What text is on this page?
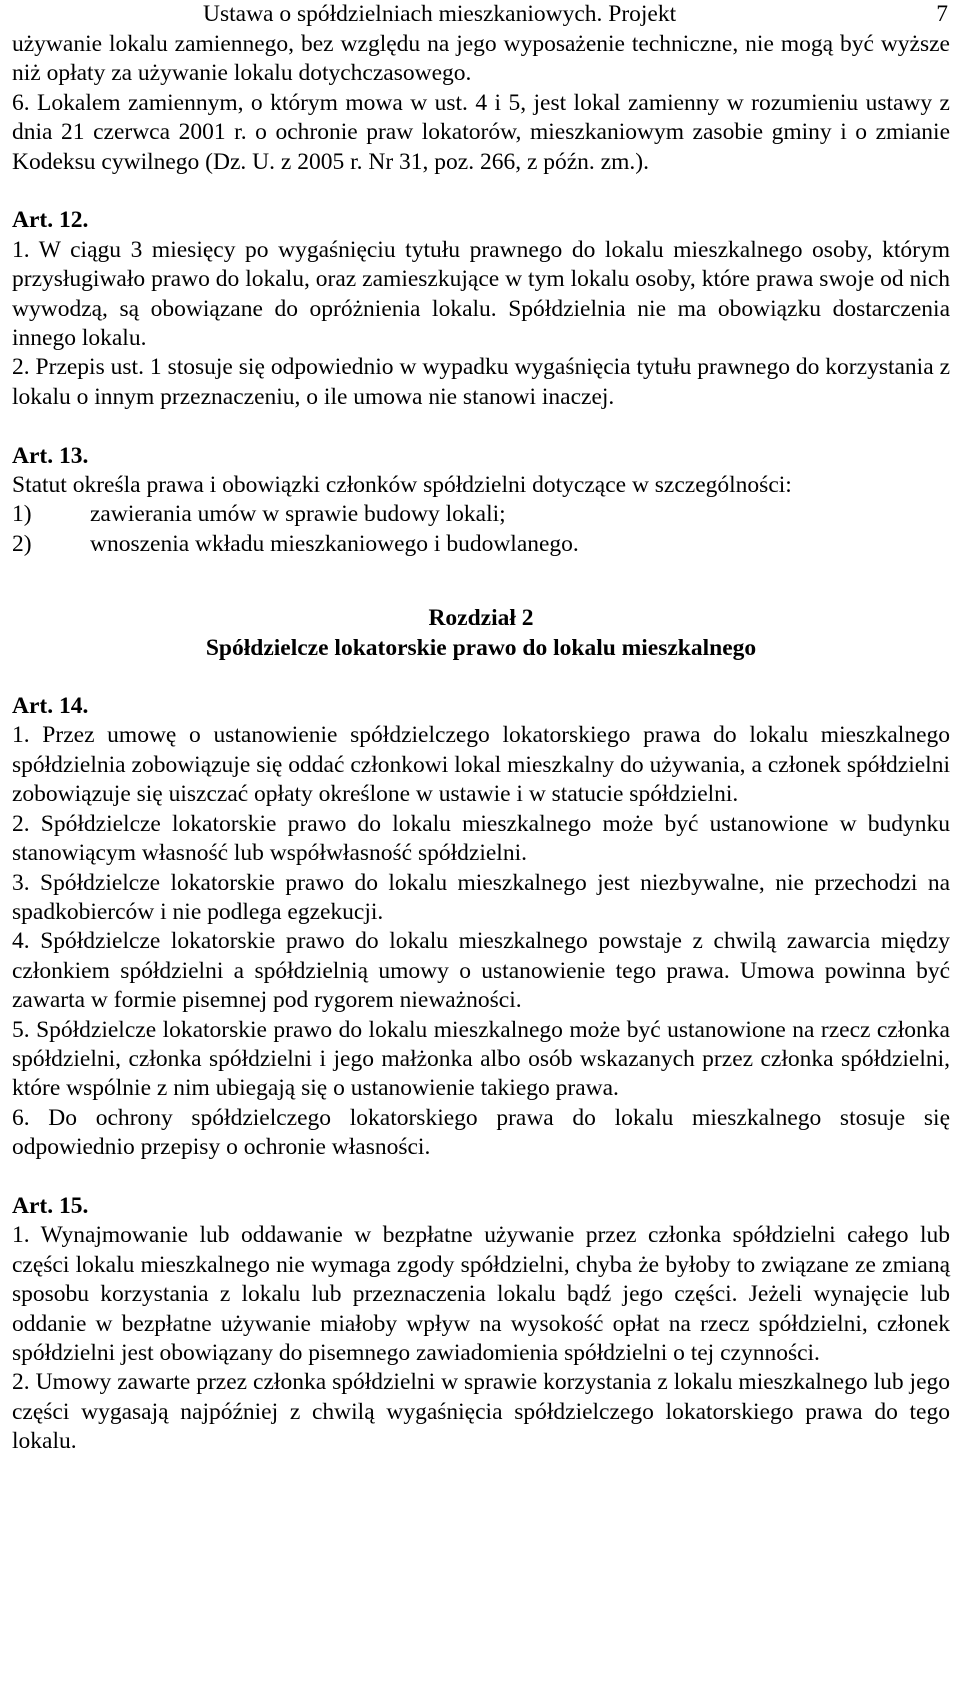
Ustawa o spółdzielniach mieszkaniowych. Projekt	7

używanie lokalu zamiennego, bez względu na jego wyposażenie techniczne, nie mogą być wyższe niż opłaty za używanie lokalu dotychczasowego.

6. Lokalem zamiennym, o którym mowa w ust. 4 i 5, jest lokal zamienny w rozumieniu ustawy z dnia 21 czerwca 2001 r. o ochronie praw lokatorów, mieszkaniowym zasobie gminy i o zmianie Kodeksu cywilnego (Dz. U. z 2005 r. Nr 31, poz. 266, z późn. zm.).

Art. 12.

1. W ciągu 3 miesięcy po wygaśnięciu tytułu prawnego do lokalu mieszkalnego osoby, którym przysługiwało prawo do lokalu, oraz zamieszkujące w tym lokalu osoby, które prawa swoje od nich wywodzą, są obowiązane do opróżnienia lokalu. Spółdzielnia nie ma obowiązku dostarczenia innego lokalu.

2. Przepis ust. 1 stosuje się odpowiednio w wypadku wygaśnięcia tytułu prawnego do korzystania z lokalu o innym przeznaczeniu, o ile umowa nie stanowi inaczej.

Art. 13.

Statut określa prawa i obowiązki członków spółdzielni dotyczące w szczególności:

1)	zawierania umów w sprawie budowy lokali;
2)	wnoszenia wkładu mieszkaniowego i budowlanego.

Rozdział 2

Spółdzielcze lokatorskie prawo do lokalu mieszkalnego

Art. 14.

1. Przez umowę o ustanowienie spółdzielczego lokatorskiego prawa do lokalu mieszkalnego spółdzielnia zobowiązuje się oddać członkowi lokal mieszkalny do używania, a członek spółdzielni zobowiązuje się uiszczać opłaty określone w ustawie i w statucie spółdzielni.

2. Spółdzielcze lokatorskie prawo do lokalu mieszkalnego może być ustanowione w budynku stanowiącym własność lub współwłasność spółdzielni.

3. Spółdzielcze lokatorskie prawo do lokalu mieszkalnego jest niezbywalne, nie przechodzi na spadkobierców i nie podlega egzekucji.

4. Spółdzielcze lokatorskie prawo do lokalu mieszkalnego powstaje z chwilą zawarcia między członkiem spółdzielni a spółdzielnią umowy o ustanowienie tego prawa. Umowa powinna być zawarta w formie pisemnej pod rygorem nieważności.

5. Spółdzielcze lokatorskie prawo do lokalu mieszkalnego może być ustanowione na rzecz członka spółdzielni, członka spółdzielni i jego małżonka albo osób wskazanych przez członka spółdzielni, które wspólnie z nim ubiegają się o ustanowienie takiego prawa.

6. Do ochrony spółdzielczego lokatorskiego prawa do lokalu mieszkalnego stosuje się odpowiednio przepisy o ochronie własności.

Art. 15.

1. Wynajmowanie lub oddawanie w bezpłatne używanie przez członka spółdzielni całego lub części lokalu mieszkalnego nie wymaga zgody spółdzielni, chyba że byłoby to związane ze zmianą sposobu korzystania z lokalu lub przeznaczenia lokalu bądź jego części. Jeżeli wynajęcie lub oddanie w bezpłatne używanie miałoby wpływ na wysokość opłat na rzecz spółdzielni, członek spółdzielni jest obowiązany do pisemnego zawiadomienia spółdzielni o tej czynności.

2. Umowy zawarte przez członka spółdzielni w sprawie korzystania z lokalu mieszkalnego lub jego części wygasają najpóźniej z chwilą wygaśnięcia spółdzielczego lokatorskiego prawa do tego lokalu.
